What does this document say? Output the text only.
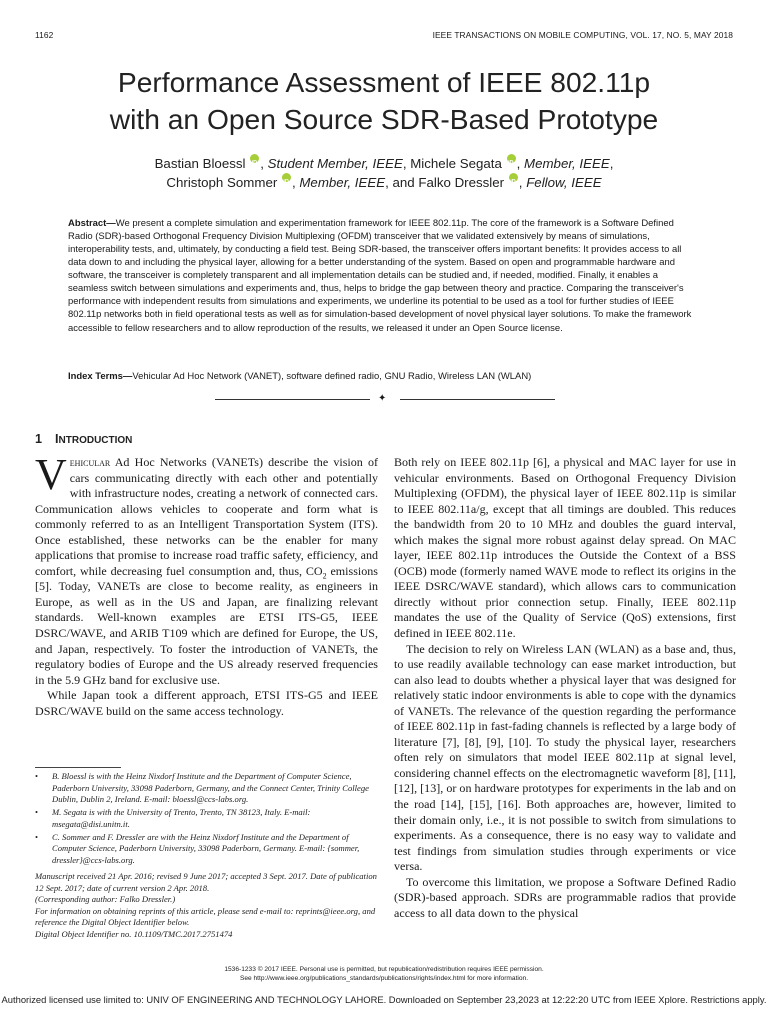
1162	IEEE TRANSACTIONS ON MOBILE COMPUTING, VOL. 17, NO. 5, MAY 2018
Performance Assessment of IEEE 802.11p
with an Open Source SDR-Based Prototype
Bastian Bloessl iD , Student Member, IEEE, Michele Segata iD , Member, IEEE,
Christoph Sommer iD , Member, IEEE, and Falko Dressler iD , Fellow, IEEE

Abstract—We present a complete simulation and experimentation framework for IEEE 802.11p. The core of the framework is a Software Defined Radio (SDR)-based Orthogonal Frequency Division Multiplexing (OFDM) transceiver that we validated extensively by means of simulations, interoperability tests, and, ultimately, by conducting a field test. Being SDR-based, the transceiver offers important benefits: It provides access to all data down to and including the physical layer, allowing for a better understanding of the system. Based on open and programmable hardware and software, the transceiver is completely transparent and all implementation details can be studied and, if needed, modified. Finally, it enables a seamless switch between simulations and experiments and, thus, helps to bridge the gap between theory and practice. Comparing the transceiver's performance with independent results from simulations and experiments, we underline its potential to be used as a tool for further studies of IEEE 802.11p networks both in field operational tests as well as for simulation-based development of novel physical layer solutions. To make the framework accessible to fellow researchers and to allow reproduction of the results, we released it under an Open Source license.

Index Terms—Vehicular Ad Hoc Network (VANET), software defined radio, GNU Radio, Wireless LAN (WLAN)

✦
1 INTRODUCTION

Vehicular Ad Hoc Networks (VANETs) describe the vision of cars communicating directly with each other and potentially with infrastructure nodes, creating a network of connected cars. Communication allows vehicles to cooperate and form what is commonly referred to as an Intelligent Transportation System (ITS). Once established, these networks can be the enabler for many applications that promise to increase road traffic safety, efficiency, and comfort, while decreasing fuel consumption and, thus, $CO_2$ emissions [5]. Today, VANETs are close to become reality, as engineers in Europe, as well as in the US and Japan, are finalizing relevant standards. Well-known examples are ETSI ITS-G5, IEEE DSRC/WAVE, and ARIB T109 which are defined for Europe, the US, and Japan, respectively. To foster the introduction of VANETs, the regulatory bodies of Europe and the US already reserved frequencies in the 5.9 GHz band for exclusive use.

While Japan took a different approach, ETSI ITS-G5 and IEEE DSRC/WAVE build on the same access technology.

• B. Bloessl is with the Heinz Nixdorf Institute and the Department of Computer Science, Paderborn University, 33098 Paderborn, Germany, and the Connect Center, Trinity College Dublin, Dublin 2, Ireland. E-mail: bloessl@ccs-labs.org.
• M. Segata is with the University of Trento, Trento, TN 38123, Italy. E-mail: msegata@disi.unitn.it.
• C. Sommer and F. Dressler are with the Heinz Nixdorf Institute and the Department of Computer Science, Paderborn University, 33098 Paderborn, Germany. E-mail: {sommer, dressler}@ccs-labs.org.

Manuscript received 21 Apr. 2016; revised 9 June 2017; accepted 3 Sept. 2017. Date of publication 12 Sept. 2017; date of current version 2 Apr. 2018.

(Corresponding author: Falko Dressler.)

For information on obtaining reprints of this article, please send e-mail to: reprints@ieee.org, and reference the Digital Object Identifier below.

Digital Object Identifier no. 10.1109/TMC.2017.2751474

Both rely on IEEE 802.11p [6], a physical and MAC layer for use in vehicular environments. Based on Orthogonal Frequency Division Multiplexing (OFDM), the physical layer of IEEE 802.11p is similar to IEEE 802.11a/g, except that all timings are doubled. This reduces the bandwidth from 20 to 10 MHz and doubles the guard interval, which makes the signal more robust against delay spread. On MAC layer, IEEE 802.11p introduces the Outside the Context of a BSS (OCB) mode (formerly named WAVE mode to reflect its origins in the IEEE DSRC/WAVE standard), which allows cars to communication directly without prior connection setup. Finally, IEEE 802.11p mandates the use of the Quality of Service (QoS) extensions, first defined in IEEE 802.11e.

The decision to rely on Wireless LAN (WLAN) as a base and, thus, to use readily available technology can ease market introduction, but can also lead to doubts whether a physical layer that was designed for relatively static indoor environments is able to cope with the dynamics of VANETs. The relevance of the question regarding the performance of IEEE 802.11p in fast-fading channels is reflected by a large body of literature [7], [8], [9], [10]. To study the physical layer, researchers often rely on simulators that model IEEE 802.11p at signal level, considering channel effects on the electromagnetic waveform [8], [11], [12], [13], or on hardware prototypes for experiments in the lab and on the road [14], [15], [16]. Both approaches are, however, limited to their domain only, i.e., it is not possible to switch from simulations to experiments. As a consequence, there is no easy way to validate and test findings from simulation studies through experiments or vice versa.

To overcome this limitation, we propose a Software Defined Radio (SDR)-based approach. SDRs are programmable radios that provide access to all data down to the physical

1536-1233 © 2017 IEEE. Personal use is permitted, but republication/redistribution requires IEEE permission.
See http://www.ieee.org/publications_standards/publications/rights/index.html for more information.
Authorized licensed use limited to: UNIV OF ENGINEERING AND TECHNOLOGY LAHORE. Downloaded on September 23,2023 at 12:22:20 UTC from IEEE Xplore. Restrictions apply.
